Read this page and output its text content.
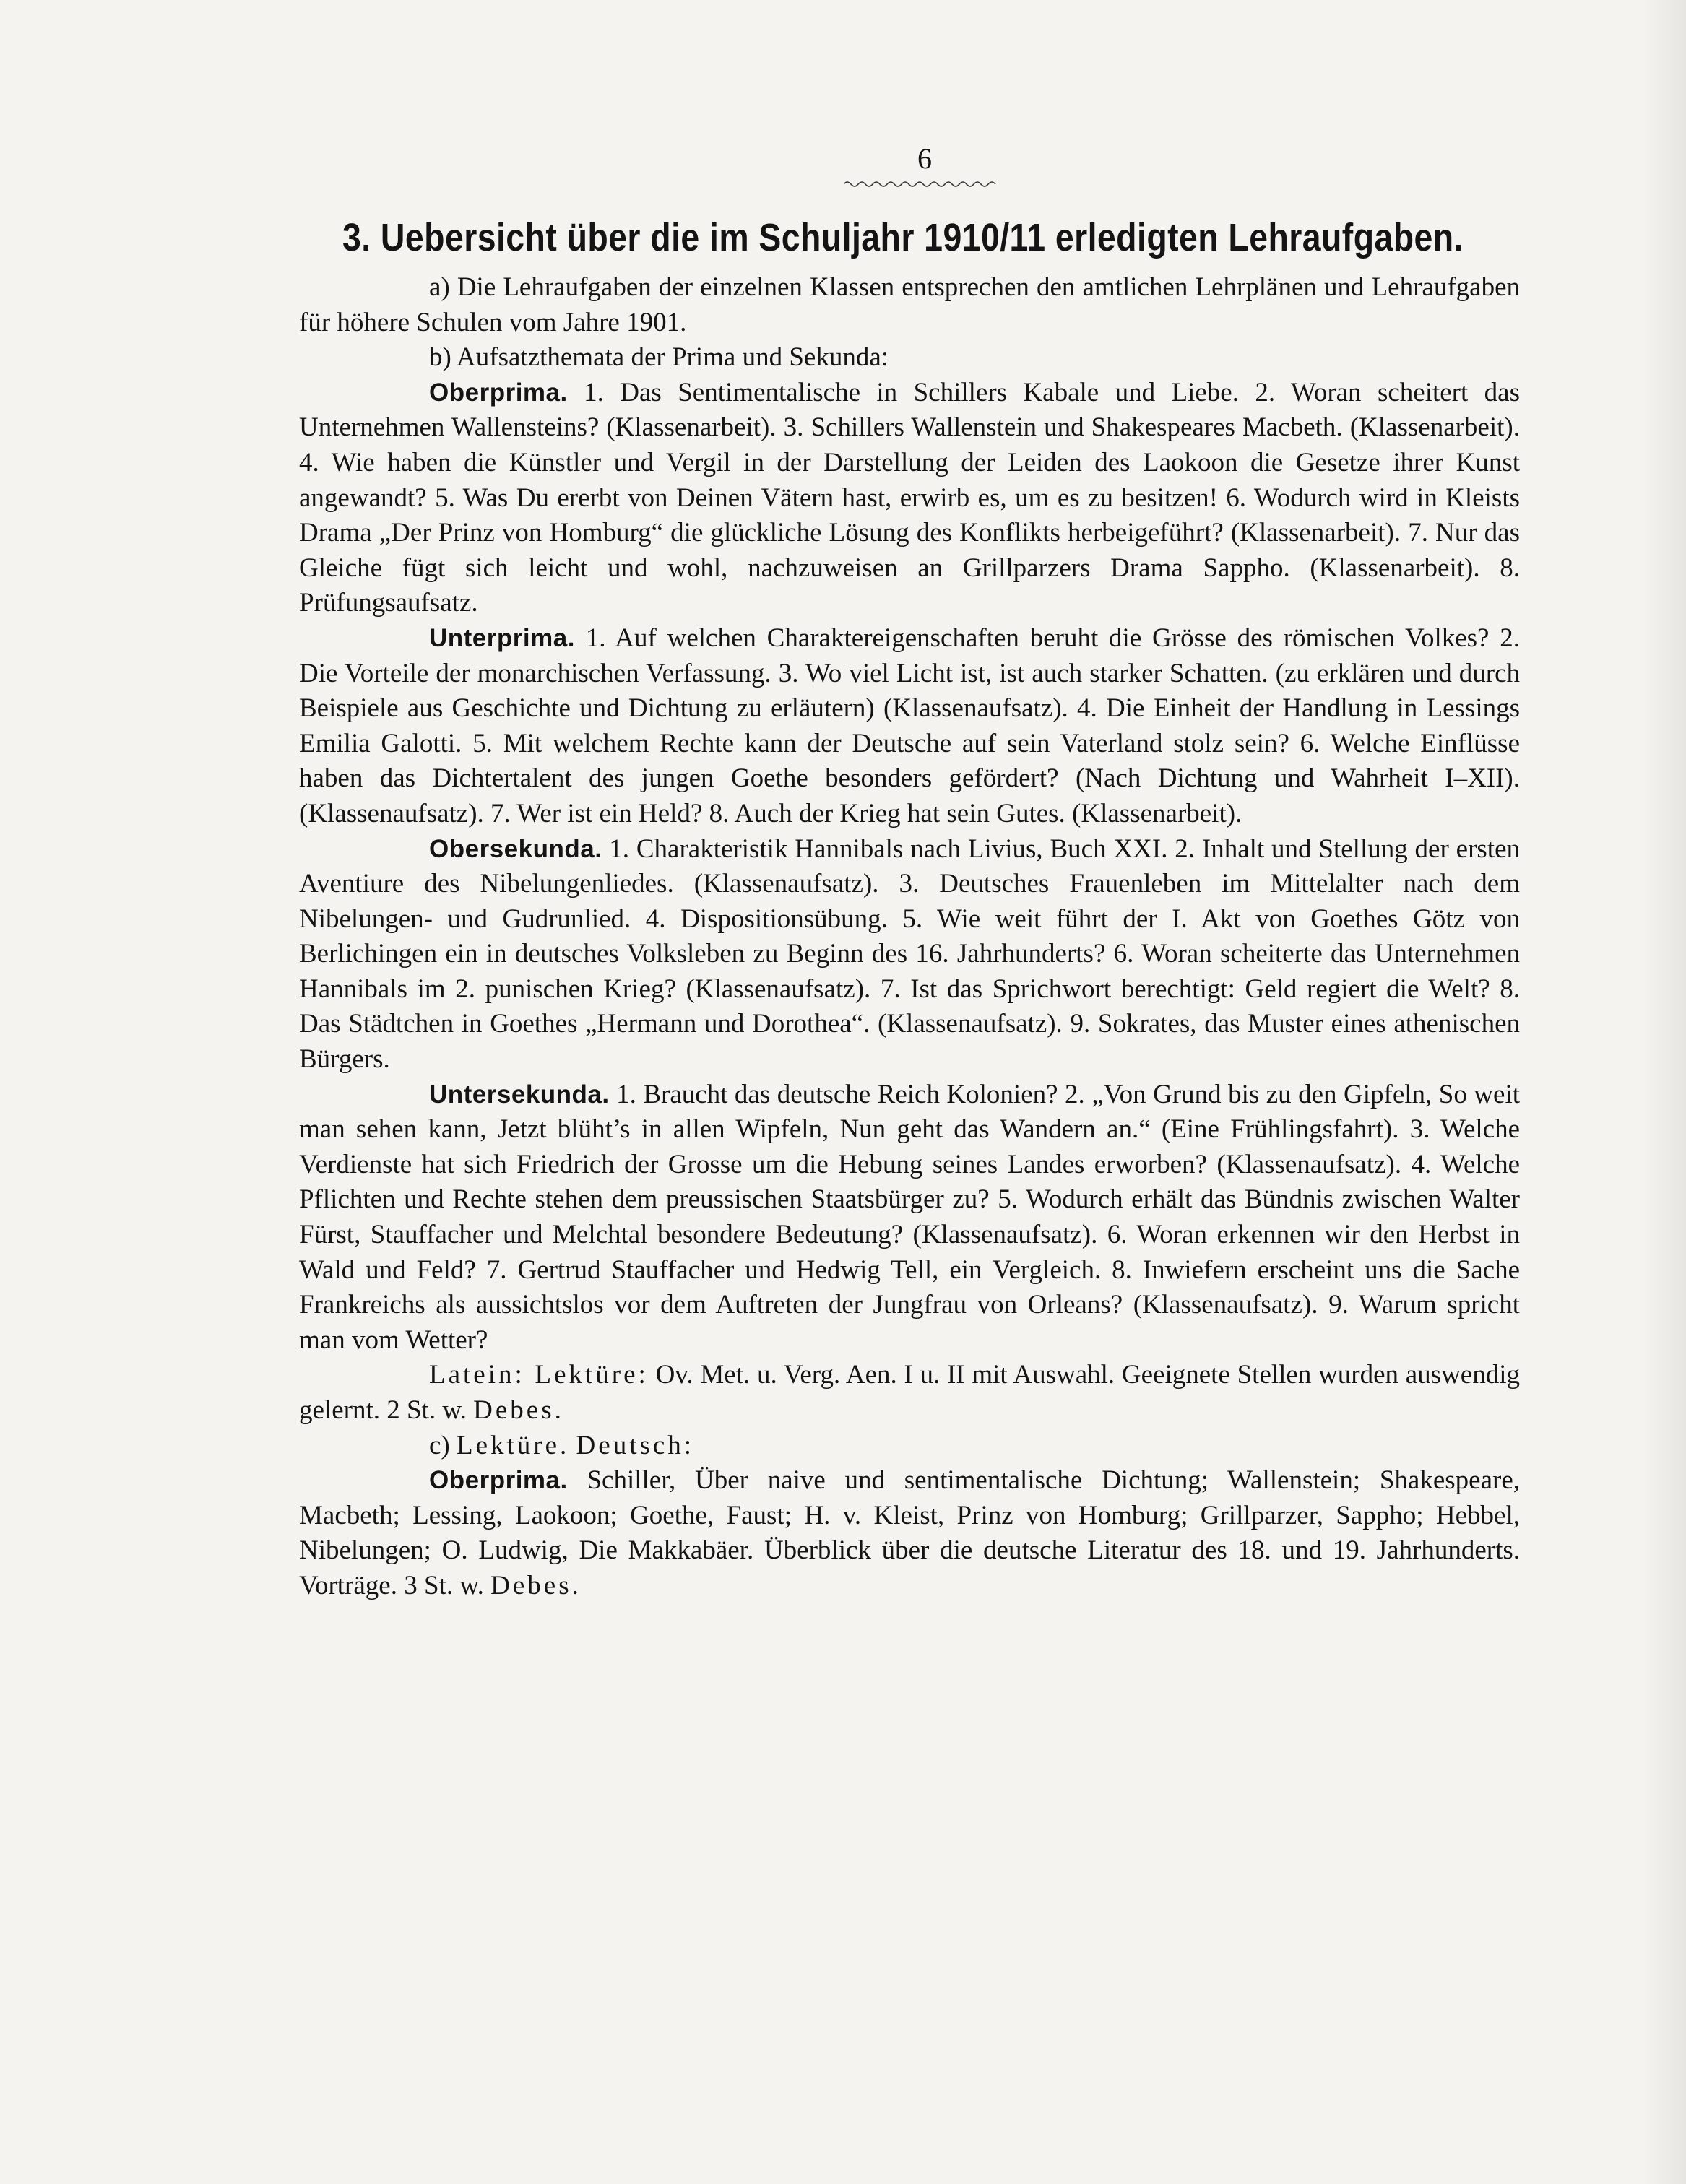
6
3. Uebersicht über die im Schuljahr 1910/11 erledigten Lehraufgaben.

a) Die Lehraufgaben der einzelnen Klassen entsprechen den amtlichen Lehrplänen und Lehraufgaben für höhere Schulen vom Jahre 1901.

b) Aufsatzthemata der Prima und Sekunda:

Oberprima. 1. Das Sentimentalische in Schillers Kabale und Liebe. 2. Woran scheitert das Unternehmen Wallensteins? (Klassenarbeit). 3. Schillers Wallenstein und Shakespeares Macbeth. (Klassenarbeit). 4. Wie haben die Künstler und Vergil in der Darstellung der Leiden des Laokoon die Gesetze ihrer Kunst angewandt? 5. Was Du ererbt von Deinen Vätern hast, erwirb es, um es zu besitzen! 6. Wodurch wird in Kleists Drama „Der Prinz von Homburg“ die glückliche Lösung des Konflikts herbeigeführt? (Klassenarbeit). 7. Nur das Gleiche fügt sich leicht und wohl, nachzuweisen an Grillparzers Drama Sappho. (Klassenarbeit). 8. Prüfungsaufsatz.

Unterprima. 1. Auf welchen Charaktereigenschaften beruht die Grösse des römischen Volkes? 2. Die Vorteile der monarchischen Verfassung. 3. Wo viel Licht ist, ist auch starker Schatten. (zu erklären und durch Beispiele aus Geschichte und Dichtung zu erläutern) (Klassenaufsatz). 4. Die Einheit der Handlung in Lessings Emilia Galotti. 5. Mit welchem Rechte kann der Deutsche auf sein Vaterland stolz sein? 6. Welche Einflüsse haben das Dichtertalent des jungen Goethe besonders gefördert? (Nach Dichtung und Wahrheit I–XII). (Klassenaufsatz). 7. Wer ist ein Held? 8. Auch der Krieg hat sein Gutes. (Klassenarbeit).

Obersekunda. 1. Charakteristik Hannibals nach Livius, Buch XXI. 2. Inhalt und Stellung der ersten Aventiure des Nibelungenliedes. (Klassenaufsatz). 3. Deutsches Frauenleben im Mittelalter nach dem Nibelungen- und Gudrunlied. 4. Dispositionsübung. 5. Wie weit führt der I. Akt von Goethes Götz von Berlichingen ein in deutsches Volksleben zu Beginn des 16. Jahrhunderts? 6. Woran scheiterte das Unternehmen Hannibals im 2. punischen Krieg? (Klassenaufsatz). 7. Ist das Sprichwort berechtigt: Geld regiert die Welt? 8. Das Städtchen in Goethes „Hermann und Dorothea“. (Klassenaufsatz). 9. Sokrates, das Muster eines athenischen Bürgers.

Untersekunda. 1. Braucht das deutsche Reich Kolonien? 2. „Von Grund bis zu den Gipfeln, So weit man sehen kann, Jetzt blüht’s in allen Wipfeln, Nun geht das Wandern an.“ (Eine Frühlingsfahrt). 3. Welche Verdienste hat sich Friedrich der Grosse um die Hebung seines Landes erworben? (Klassenaufsatz). 4. Welche Pflichten und Rechte stehen dem preussischen Staatsbürger zu? 5. Wodurch erhält das Bündnis zwischen Walter Fürst, Stauffacher und Melchtal besondere Bedeutung? (Klassenaufsatz). 6. Woran erkennen wir den Herbst in Wald und Feld? 7. Gertrud Stauffacher und Hedwig Tell, ein Vergleich. 8. Inwiefern erscheint uns die Sache Frankreichs als aussichtslos vor dem Auftreten der Jungfrau von Orleans? (Klassenaufsatz). 9. Warum spricht man vom Wetter?

Latein: Lektüre: Ov. Met. u. Verg. Aen. I u. II mit Auswahl. Geeignete Stellen wurden auswendig gelernt. 2 St. w. Debes.

c) Lektüre. Deutsch:

Oberprima. Schiller, Über naive und sentimentalische Dichtung; Wallenstein; Shakespeare, Macbeth; Lessing, Laokoon; Goethe, Faust; H. v. Kleist, Prinz von Homburg; Grillparzer, Sappho; Hebbel, Nibelungen; O. Ludwig, Die Makkabäer. Überblick über die deutsche Literatur des 18. und 19. Jahrhunderts. Vorträge. 3 St. w. Debes.
